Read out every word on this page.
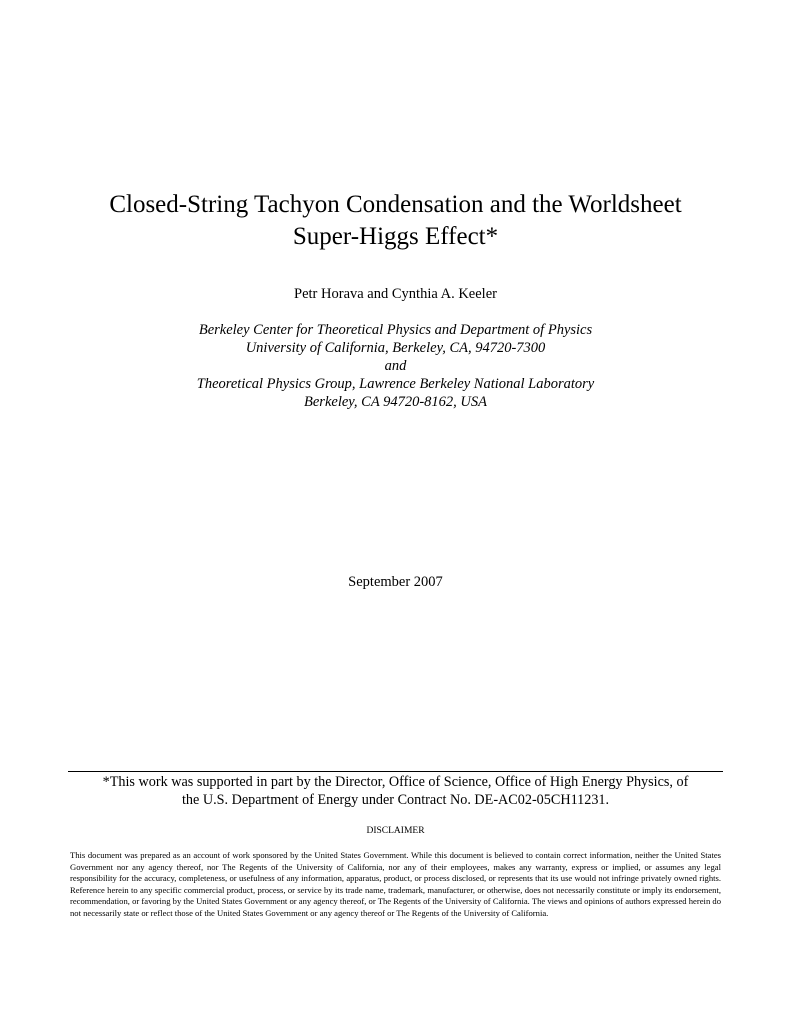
Closed-String Tachyon Condensation and the Worldsheet
Super-Higgs Effect*
Petr Horava and Cynthia A. Keeler
Berkeley Center for Theoretical Physics and Department of Physics
University of California, Berkeley, CA, 94720-7300
and
Theoretical Physics Group, Lawrence Berkeley National Laboratory
Berkeley, CA 94720-8162, USA
September 2007
*This work was supported in part by the Director, Office of Science, Office of High Energy Physics, of
the U.S. Department of Energy under Contract No. DE-AC02-05CH11231.
DISCLAIMER

This document was prepared as an account of work sponsored by the United States Government. While this document is believed to contain correct information, neither the United States Government nor any agency thereof, nor The Regents of the University of California, nor any of their employees, makes any warranty, express or implied, or assumes any legal responsibility for the accuracy, completeness, or usefulness of any information, apparatus, product, or process disclosed, or represents that its use would not infringe privately owned rights. Reference herein to any specific commercial product, process, or service by its trade name, trademark, manufacturer, or otherwise, does not necessarily constitute or imply its endorsement, recommendation, or favoring by the United States Government or any agency thereof, or The Regents of the University of California. The views and opinions of authors expressed herein do not necessarily state or reflect those of the United States Government or any agency thereof or The Regents of the University of California.
